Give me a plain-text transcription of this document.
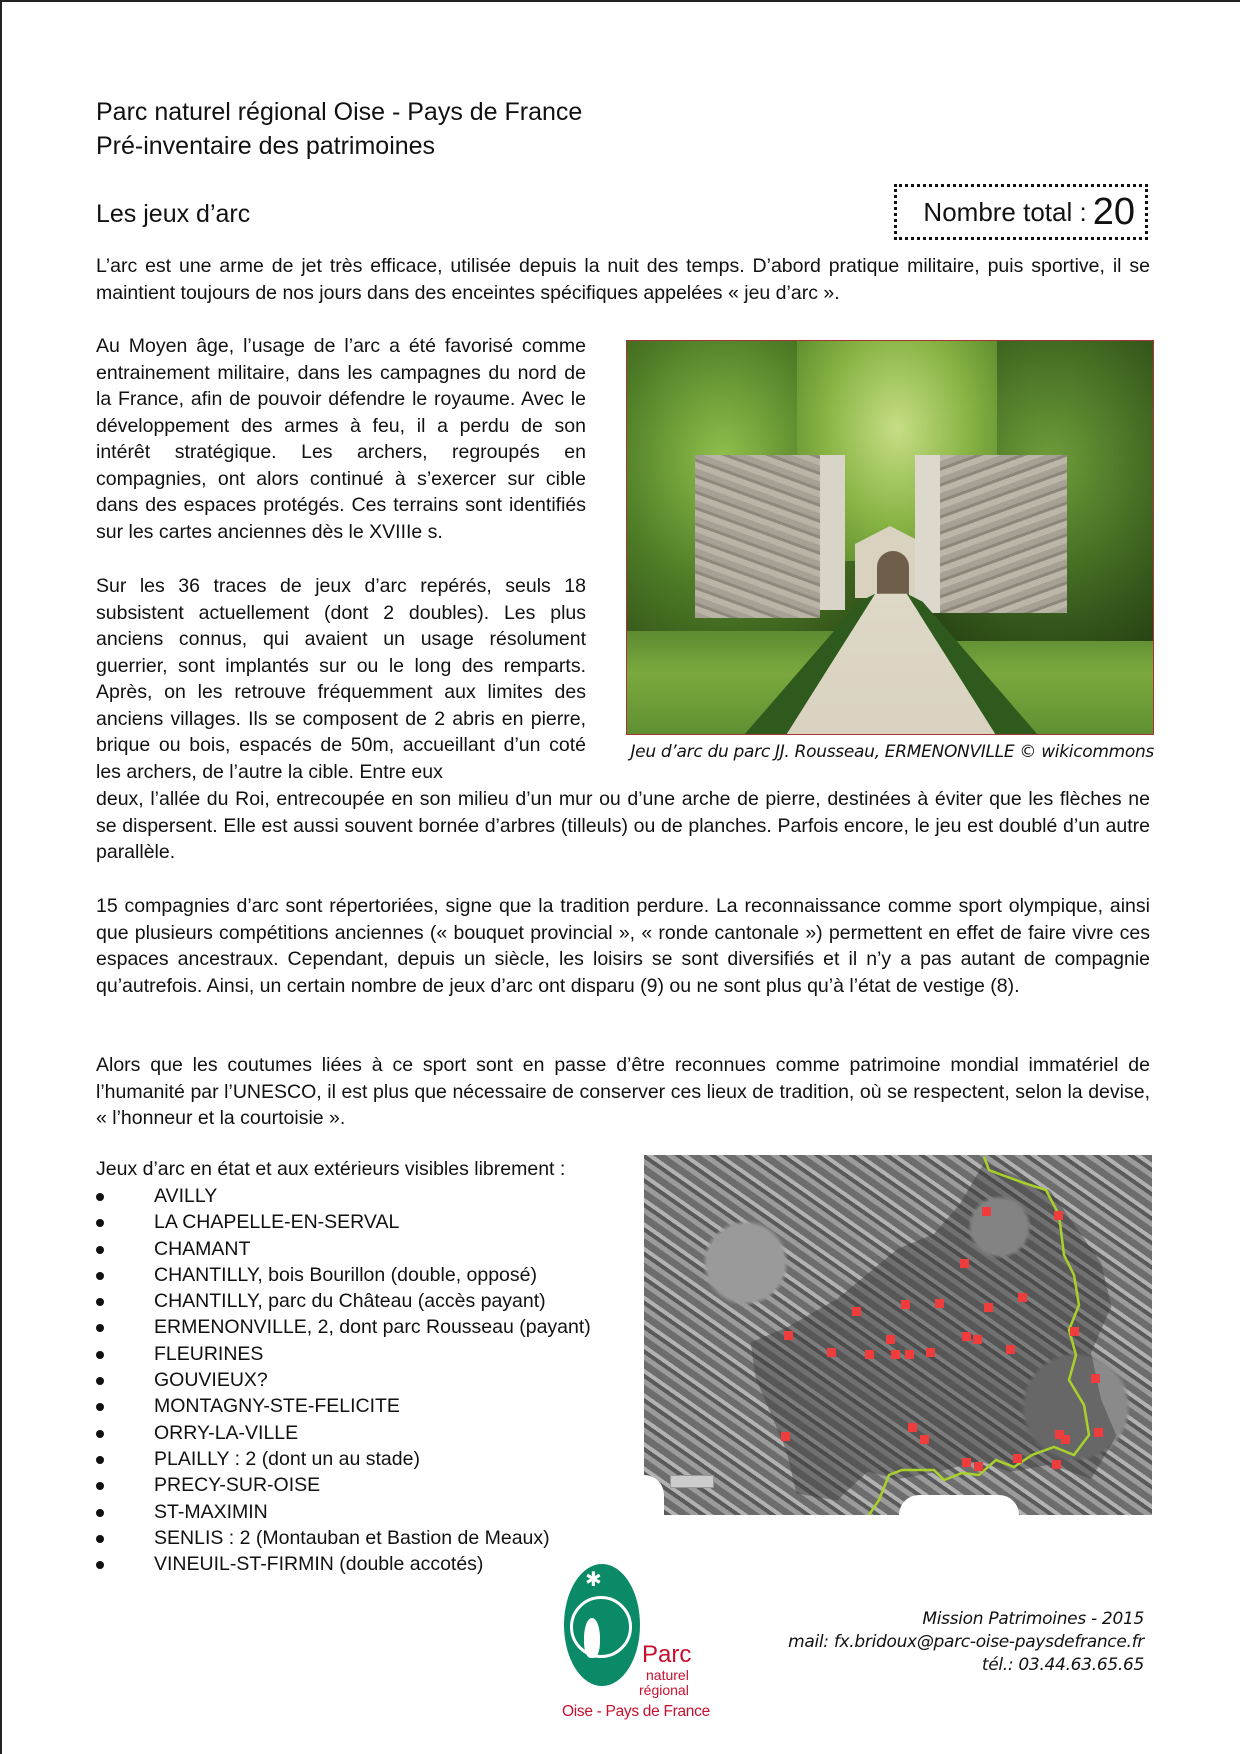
Parc naturel régional Oise - Pays de France
Pré-inventaire des patrimoines
Les jeux d’arc	Nombre total : 20
L’arc est une arme de jet très efficace, utilisée depuis la nuit des temps. D’abord pratique militaire, puis sportive, il se maintient toujours de nos jours dans des enceintes spécifiques appelées « jeu d’arc ».
Au Moyen âge, l’usage de l’arc a été favorisé comme entrainement militaire, dans les campagnes du nord de la France, afin de pouvoir défendre le royaume. Avec le développement des armes à feu, il a perdu de son intérêt stratégique. Les archers, regroupés en compagnies, ont alors continué à s’exercer sur cible dans des espaces protégés. Ces terrains sont identifiés sur les cartes anciennes dès le XVIIIe s.
Sur les 36 traces de jeux d’arc repérés, seuls 18 subsistent actuellement (dont 2 doubles). Les plus anciens connus, qui avaient un usage résolument guerrier, sont implantés sur ou le long des remparts. Après, on les retrouve fréquemment aux limites des anciens villages. Ils se composent de 2 abris en pierre, brique ou bois, espacés de 50m, accueillant d’un coté les archers, de l’autre la cible. Entre eux
deux, l’allée du Roi, entrecoupée en son milieu d’un mur ou d’une arche de pierre, destinées à éviter que les flèches ne se dispersent. Elle est aussi souvent bornée d’arbres (tilleuls) ou de planches. Parfois encore, le jeu est doublé d’un autre parallèle.
15 compagnies d’arc sont répertoriées, signe que la tradition perdure. La reconnaissance comme sport olympique, ainsi que plusieurs compétitions anciennes (« bouquet provincial », « ronde cantonale ») permettent en effet de faire vivre ces espaces ancestraux. Cependant, depuis un siècle, les loisirs se sont diversifiés et il n’y a pas autant de compagnie qu’autrefois. Ainsi, un certain nombre de jeux d’arc ont disparu (9) ou ne sont plus qu’à l’état de vestige (8).
Alors que les coutumes liées à ce sport sont en passe d’être reconnues comme patrimoine mondial immatériel de l’humanité par l’UNESCO, il est plus que nécessaire de conserver ces lieux de tradition, où se respectent, selon la devise, « l’honneur et la courtoisie ».
Jeu d’arc du parc JJ. Rousseau, ERMENONVILLE © wikicommons
Jeux d’arc en état et aux extérieurs visibles librement :
AVILLY
LA CHAPELLE-EN-SERVAL
CHAMANT
CHANTILLY, bois Bourillon (double, opposé)
CHANTILLY, parc du Château (accès payant)
ERMENONVILLE, 2, dont parc Rousseau (payant)
FLEURINES
GOUVIEUX?
MONTAGNY-STE-FELICITE
ORRY-LA-VILLE
PLAILLY : 2 (dont un au stade)
PRECY-SUR-OISE
ST-MAXIMIN
SENLIS : 2 (Montauban et Bastion de Meaux)
VINEUIL-ST-FIRMIN (double accotés)
✱
Parc
naturel
régional
Oise - Pays de France
Mission Patrimoines - 2015
mail: fx.bridoux@parc-oise-paysdefrance.fr
tél.: 03.44.63.65.65
